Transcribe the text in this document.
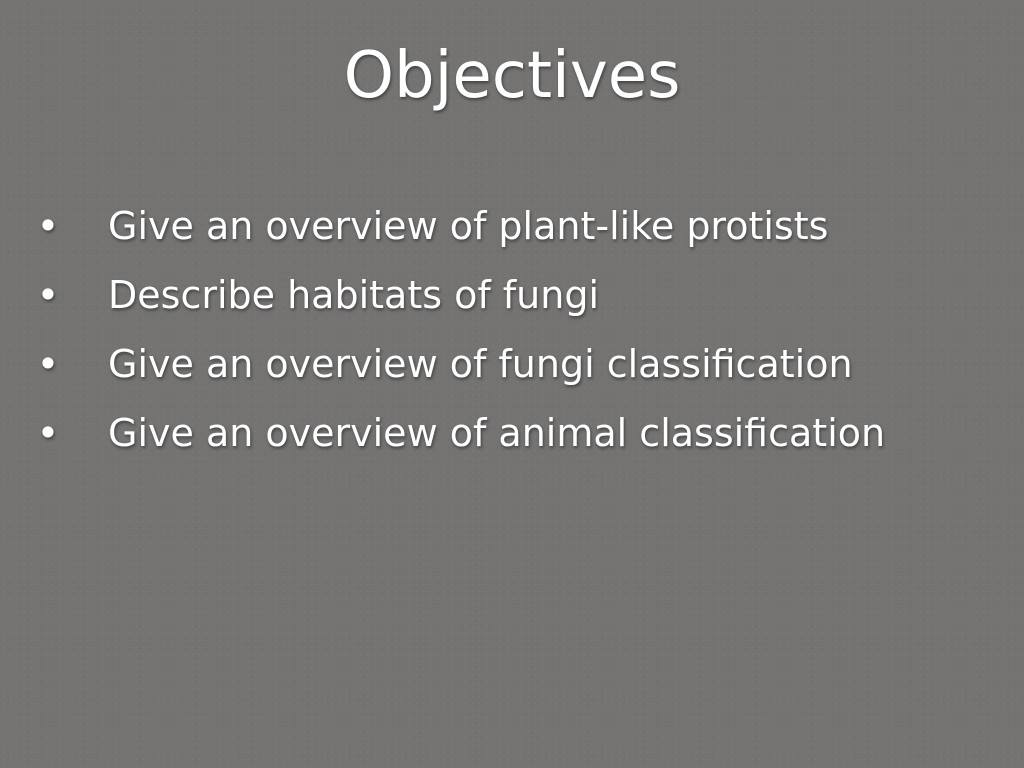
Objectives
• Give an overview of plant-like protists
• Describe habitats of fungi
• Give an overview of fungi classification
• Give an overview of animal classification
